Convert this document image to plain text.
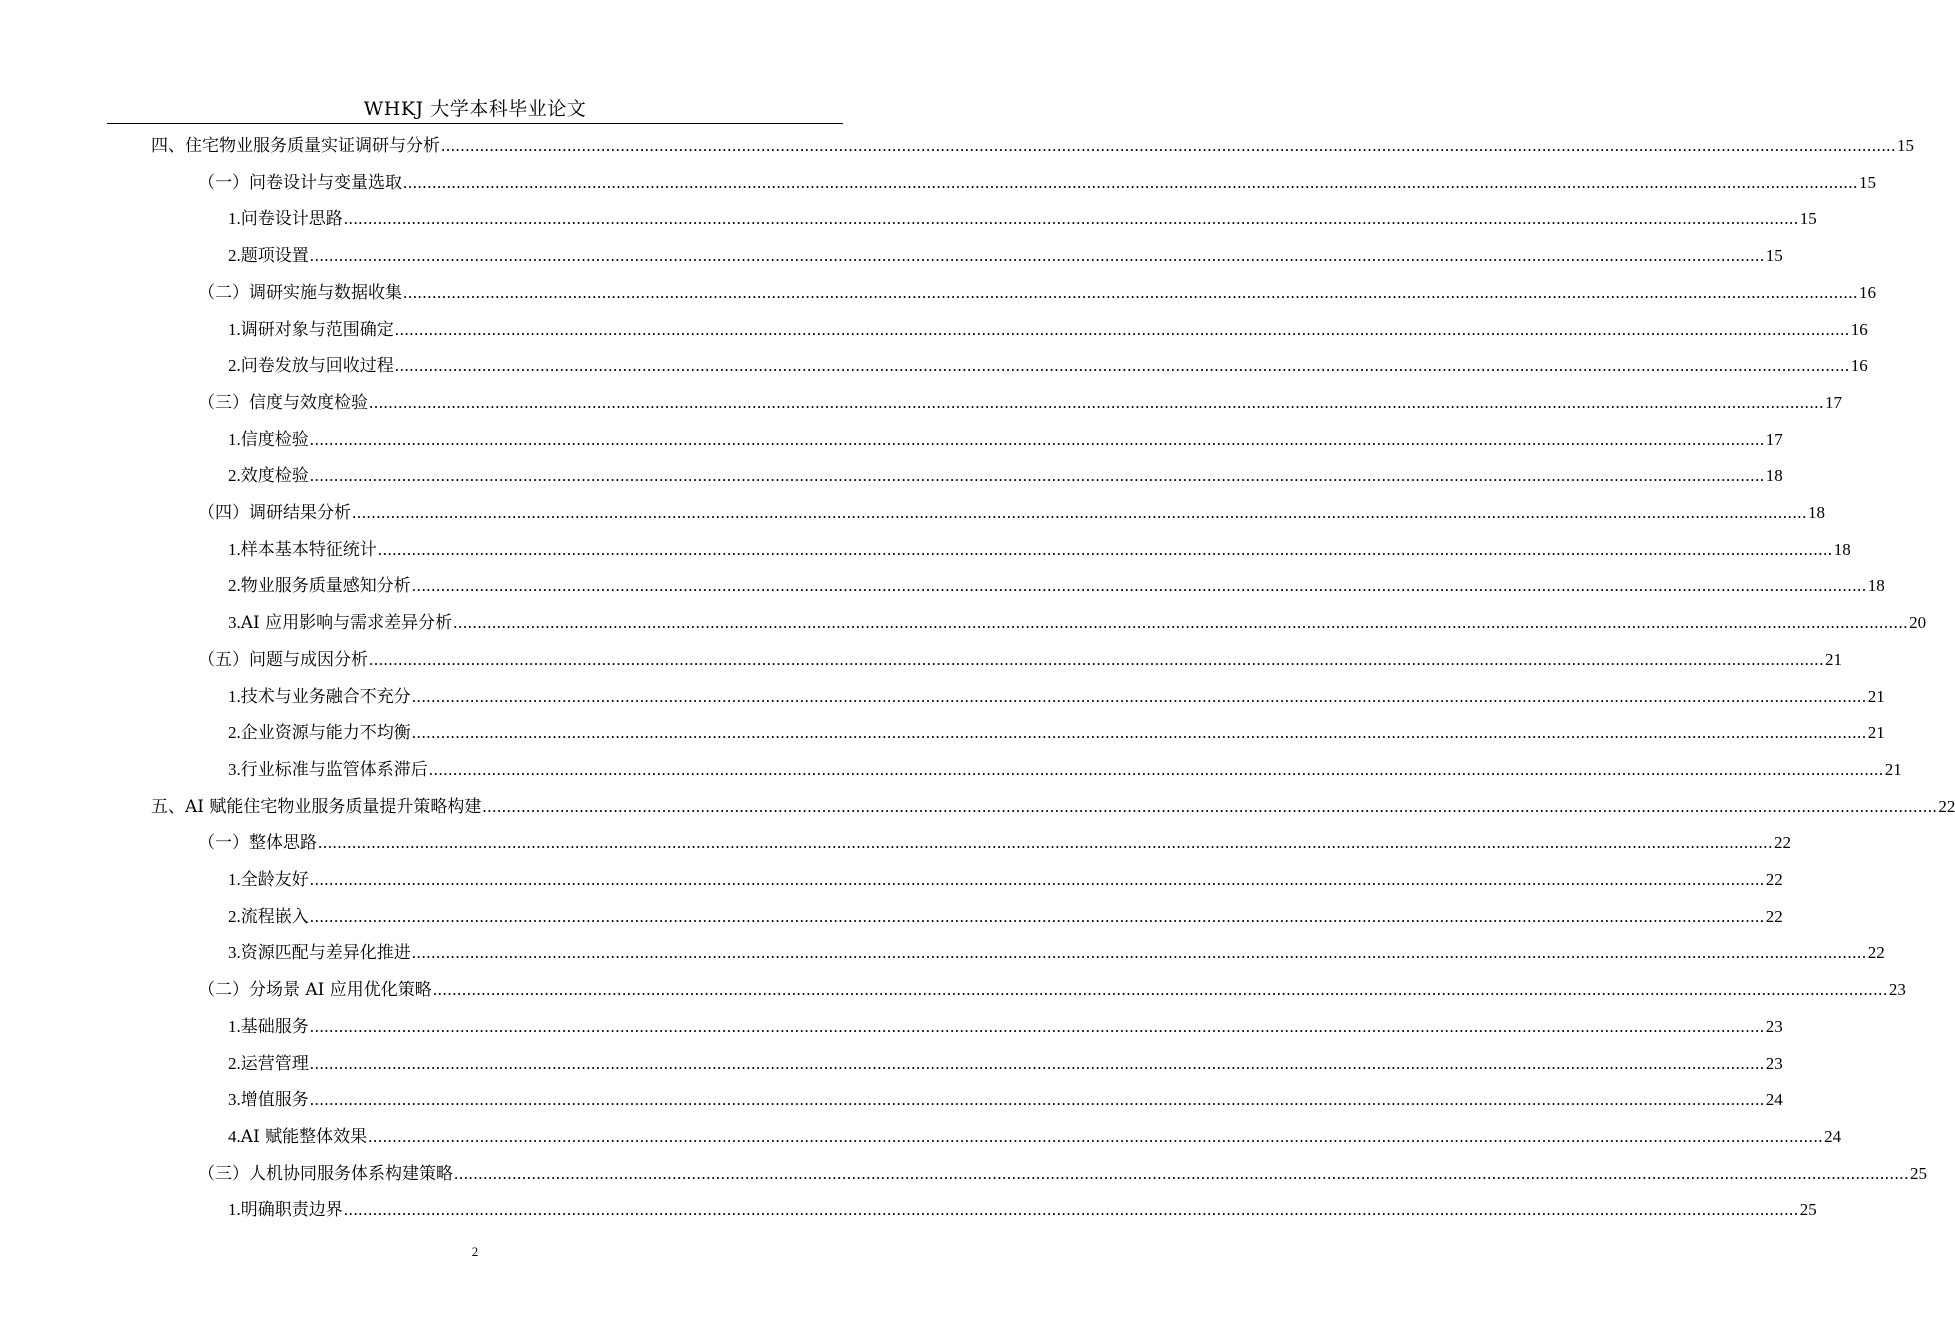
WHKJ 大学本科毕业论文
四、 住宅物业服务质量实证调研与分析 ............................................................................................................................................................................................................................................................................................................ 15
（一） 问卷设计与变量选取 ............................................................................................................................................................................................................................................................................................................ 15
1. 问卷设计思路 ............................................................................................................................................................................................................................................................................................................ 15
2. 题项设置 ............................................................................................................................................................................................................................................................................................................ 15
（二） 调研实施与数据收集 ............................................................................................................................................................................................................................................................................................................ 16
1. 调研对象与范围确定 ............................................................................................................................................................................................................................................................................................................ 16
2. 问卷发放与回收过程 ............................................................................................................................................................................................................................................................................................................ 16
（三） 信度与效度检验 ............................................................................................................................................................................................................................................................................................................ 17
1. 信度检验 ............................................................................................................................................................................................................................................................................................................ 17
2. 效度检验 ............................................................................................................................................................................................................................................................................................................ 18
（四） 调研结果分析 ............................................................................................................................................................................................................................................................................................................ 18
1. 样本基本特征统计 ............................................................................................................................................................................................................................................................................................................ 18
2. 物业服务质量感知分析 ............................................................................................................................................................................................................................................................................................................ 18
3. AI 应用影响与需求差异分析 ............................................................................................................................................................................................................................................................................................................ 20
（五） 问题与成因分析 ............................................................................................................................................................................................................................................................................................................ 21
1. 技术与业务融合不充分 ............................................................................................................................................................................................................................................................................................................ 21
2. 企业资源与能力不均衡 ............................................................................................................................................................................................................................................................................................................ 21
3. 行业标准与监管体系滞后 ............................................................................................................................................................................................................................................................................................................ 21
五、 AI 赋能住宅物业服务质量提升策略构建 ............................................................................................................................................................................................................................................................................................................ 22
（一） 整体思路 ............................................................................................................................................................................................................................................................................................................ 22
1. 全龄友好 ............................................................................................................................................................................................................................................................................................................ 22
2. 流程嵌入 ............................................................................................................................................................................................................................................................................................................ 22
3. 资源匹配与差异化推进 ............................................................................................................................................................................................................................................................................................................ 22
（二） 分场景 AI 应用优化策略 ............................................................................................................................................................................................................................................................................................................ 23
1. 基础服务 ............................................................................................................................................................................................................................................................................................................ 23
2. 运营管理 ............................................................................................................................................................................................................................................................................................................ 23
3. 增值服务 ............................................................................................................................................................................................................................................................................................................ 24
4. AI 赋能整体效果 ............................................................................................................................................................................................................................................................................................................ 24
（三） 人机协同服务体系构建策略 ............................................................................................................................................................................................................................................................................................................ 25
1. 明确职责边界 ............................................................................................................................................................................................................................................................................................................ 25
2
